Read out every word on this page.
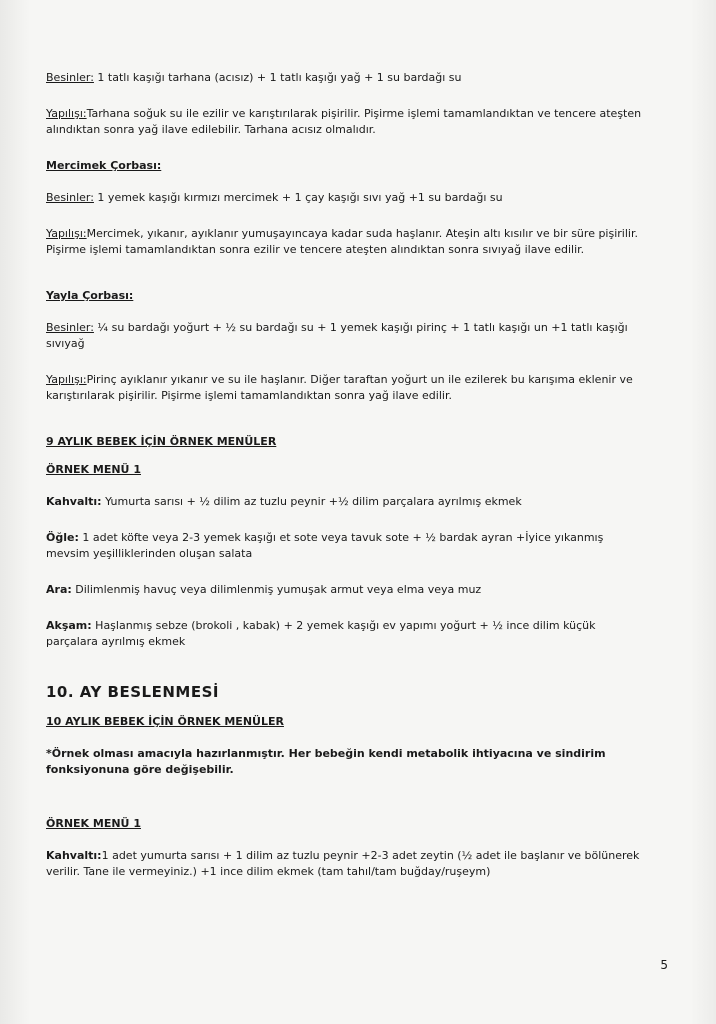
Besinler: 1 tatlı kaşığı tarhana (acısız) + 1 tatlı kaşığı yağ + 1 su bardağı su

Yapılışı:Tarhana soğuk su ile ezilir ve karıştırılarak pişirilir. Pişirme işlemi tamamlandıktan ve tencere ateşten alındıktan sonra yağ ilave edilebilir. Tarhana acısız olmalıdır.

Mercimek Çorbası:

Besinler: 1 yemek kaşığı kırmızı mercimek + 1 çay kaşığı sıvı yağ +1 su bardağı su

Yapılışı:Mercimek, yıkanır, ayıklanır yumuşayıncaya kadar suda haşlanır. Ateşin altı kısılır ve bir süre pişirilir. Pişirme işlemi tamamlandıktan sonra ezilir ve tencere ateşten alındıktan sonra sıvıyağ ilave edilir.

Yayla Çorbası:

Besinler: ¼ su bardağı yoğurt + ½ su bardağı su + 1 yemek kaşığı pirinç + 1 tatlı kaşığı un +1 tatlı kaşığı sıvıyağ

Yapılışı:Pirinç ayıklanır yıkanır ve su ile haşlanır. Diğer taraftan yoğurt un ile ezilerek bu karışıma eklenir ve karıştırılarak pişirilir. Pişirme işlemi tamamlandıktan sonra yağ ilave edilir.

9 AYLIK BEBEK İÇİN ÖRNEK MENÜLER

ÖRNEK MENÜ 1

Kahvaltı: Yumurta sarısı + ½ dilim az tuzlu peynir +½ dilim parçalara ayrılmış ekmek

Öğle: 1 adet köfte veya 2-3 yemek kaşığı et sote veya tavuk sote + ½ bardak ayran +İyice yıkanmış mevsim yeşilliklerinden oluşan salata

Ara: Dilimlenmiş havuç veya dilimlenmiş yumuşak armut veya elma veya muz

Akşam: Haşlanmış sebze (brokoli , kabak) + 2 yemek kaşığı ev yapımı yoğurt + ½ ince dilim küçük parçalara ayrılmış ekmek

10. AY BESLENMESİ

10 AYLIK BEBEK İÇİN ÖRNEK MENÜLER

*Örnek olması amacıyla hazırlanmıştır. Her bebeğin kendi metabolik ihtiyacına ve sindirim fonksiyonuna göre değişebilir.

ÖRNEK MENÜ 1

Kahvaltı:1 adet yumurta sarısı + 1 dilim az tuzlu peynir +2-3 adet zeytin (½ adet ile başlanır ve bölünerek verilir. Tane ile vermeyiniz.) +1 ince dilim ekmek (tam tahıl/tam buğday/ruşeym)

5
